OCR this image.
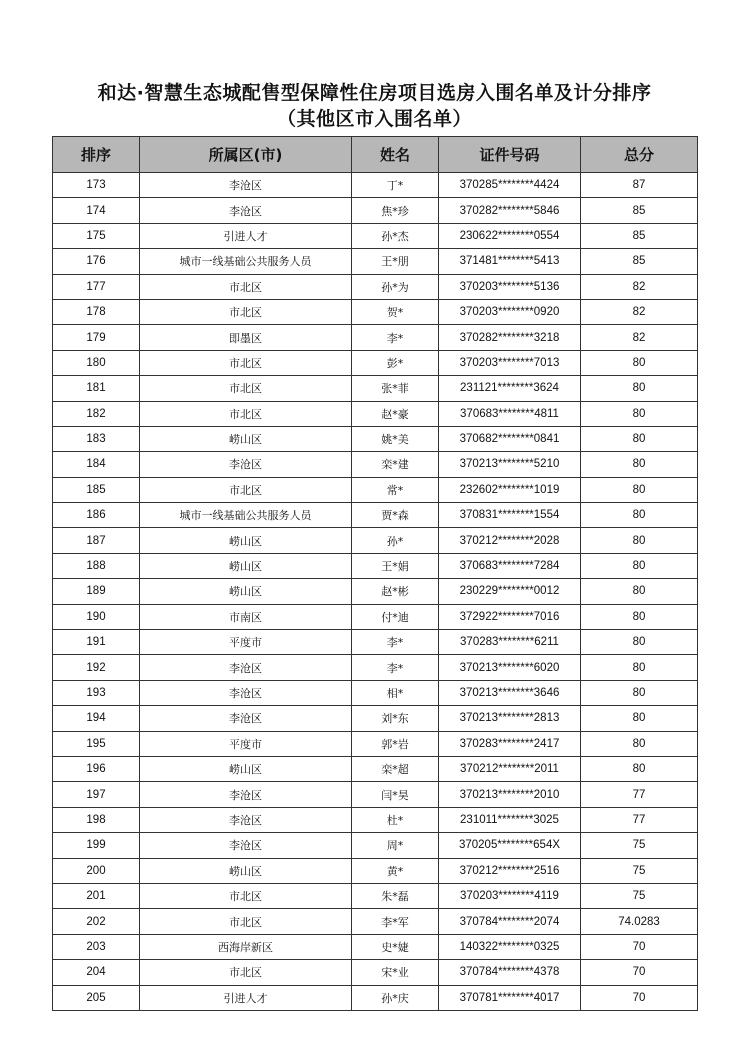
和达·智慧生态城配售型保障性住房项目选房入围名单及计分排序
（其他区市入围名单）
排序	所属区(市)	姓名	证件号码	总分
173	李沧区	丁*	370285********4424	87
174	李沧区	焦*珍	370282********5846	85
175	引进人才	孙*杰	230622********0554	85
176	城市一线基础公共服务人员	王*朋	371481********5413	85
177	市北区	孙*为	370203********5136	82
178	市北区	贺*	370203********0920	82
179	即墨区	李*	370282********3218	82
180	市北区	彭*	370203********7013	80
181	市北区	张*菲	231121********3624	80
182	市北区	赵*豪	370683********4811	80
183	崂山区	姚*美	370682********0841	80
184	李沧区	栾*建	370213********5210	80
185	市北区	常*	232602********1019	80
186	城市一线基础公共服务人员	贾*森	370831********1554	80
187	崂山区	孙*	370212********2028	80
188	崂山区	王*娟	370683********7284	80
189	崂山区	赵*彬	230229********0012	80
190	市南区	付*迪	372922********7016	80
191	平度市	李*	370283********6211	80
192	李沧区	李*	370213********6020	80
193	李沧区	相*	370213********3646	80
194	李沧区	刘*东	370213********2813	80
195	平度市	郭*岩	370283********2417	80
196	崂山区	栾*超	370212********2011	80
197	李沧区	闫*昊	370213********2010	77
198	李沧区	杜*	231011********3025	77
199	李沧区	周*	370205********654X	75
200	崂山区	黄*	370212********2516	75
201	市北区	朱*磊	370203********4119	75
202	市北区	李*军	370784********2074	74.0283
203	西海岸新区	史*婕	140322********0325	70
204	市北区	宋*业	370784********4378	70
205	引进人才	孙*庆	370781********4017	70
